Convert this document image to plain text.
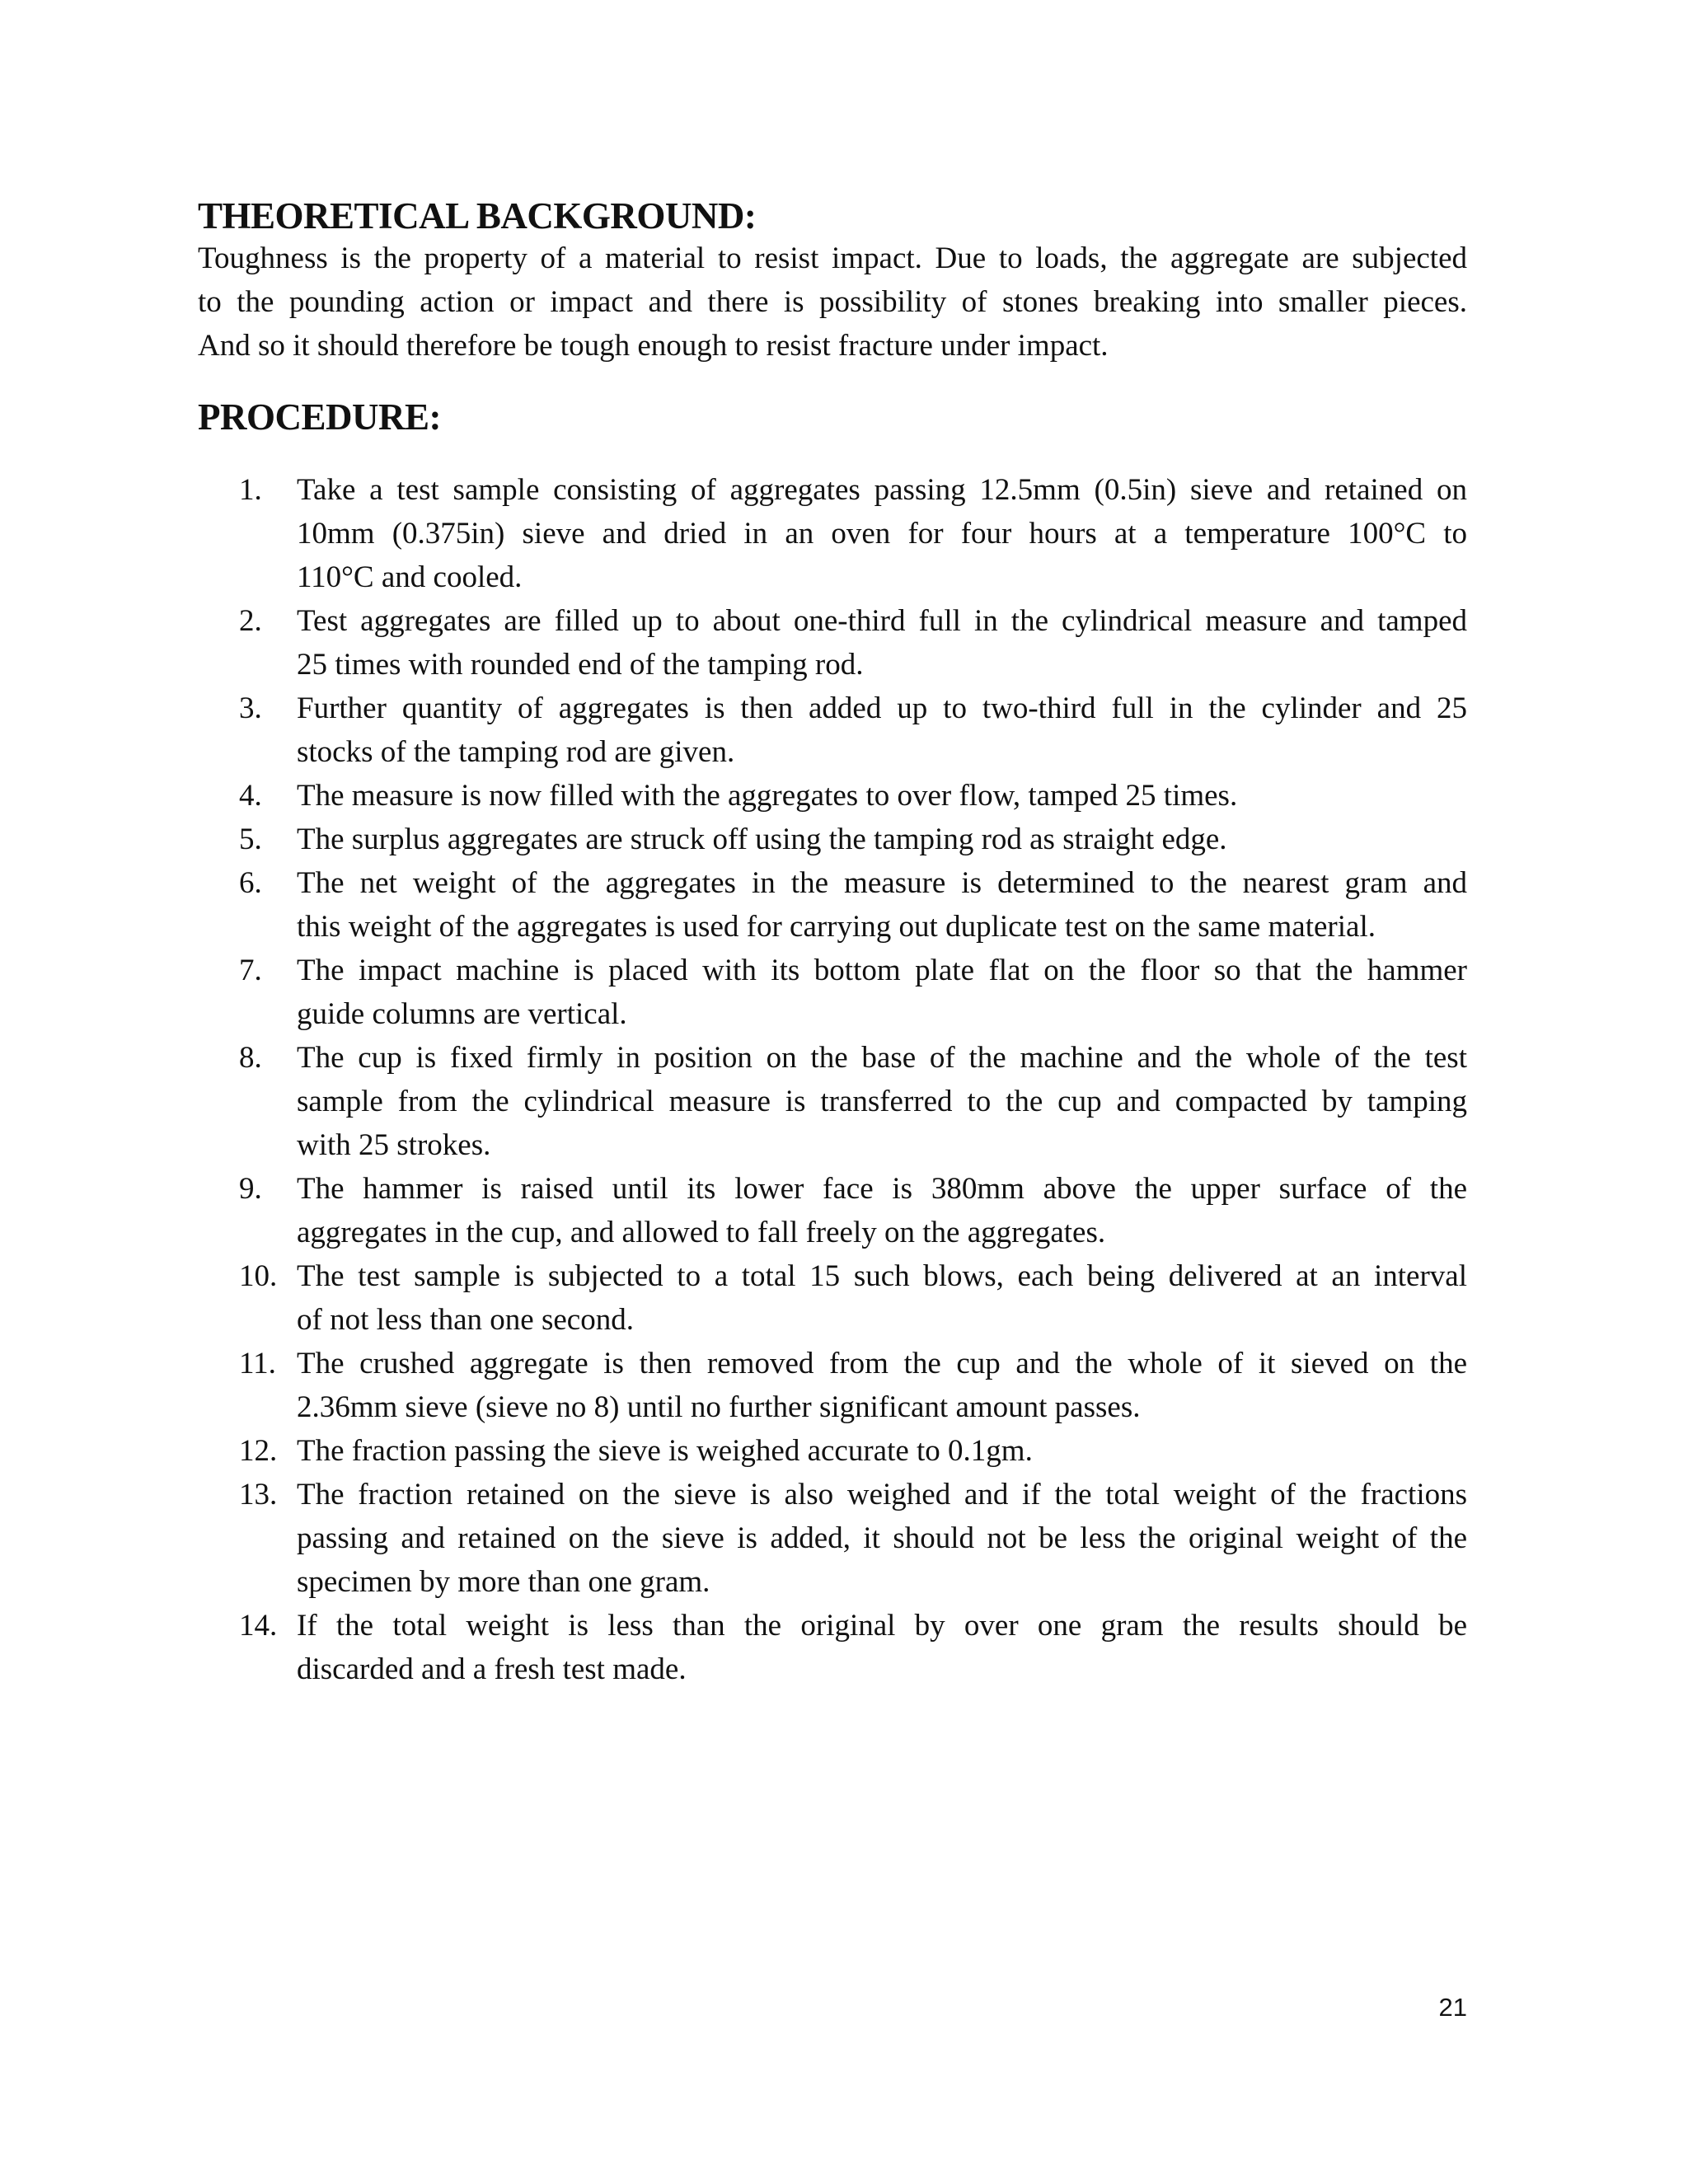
THEORETICAL BACKGROUND:

Toughness is the property of a material to resist impact. Due to loads, the aggregate are subjected
to the pounding action or impact and there is possibility of stones breaking into smaller pieces.
And so it should therefore be tough enough to resist fracture under impact.

PROCEDURE:
1.	Take a test sample consisting of aggregates passing 12.5mm (0.5in) sieve and retained on
10mm (0.375in) sieve and dried in an oven for four hours at a temperature 100°C to
110°C and cooled.
2.	Test aggregates are filled up to about one-third full in the cylindrical measure and tamped
25 times with rounded end of the tamping rod.
3.	Further quantity of aggregates is then added up to two-third full in the cylinder and 25
stocks of the tamping rod are given.
4.	The measure is now filled with the aggregates to over flow, tamped 25 times.
5.	The surplus aggregates are struck off using the tamping rod as straight edge.
6.	The net weight of the aggregates in the measure is determined to the nearest gram and
this weight of the aggregates is used for carrying out duplicate test on the same material.
7.	The impact machine is placed with its bottom plate flat on the floor so that the hammer
guide columns are vertical.
8.	The cup is fixed firmly in position on the base of the machine and the whole of the test
sample from the cylindrical measure is transferred to the cup and compacted by tamping
with 25 strokes.
9.	The hammer is raised until its lower face is 380mm above the upper surface of the
aggregates in the cup, and allowed to fall freely on the aggregates.
10. The test sample is subjected to a total 15 such blows, each being delivered at an interval
of not less than one second.
11. The crushed aggregate is then removed from the cup and the whole of it sieved on the
2.36mm sieve (sieve no 8) until no further significant amount passes.
12. The fraction passing the sieve is weighed accurate to 0.1gm.
13. The fraction retained on the sieve is also weighed and if the total weight of the fractions
passing and retained on the sieve is added, it should not be less the original weight of the
specimen by more than one gram.
14. If the total weight is less than the original by over one gram the results should be
discarded and a fresh test made.
21
